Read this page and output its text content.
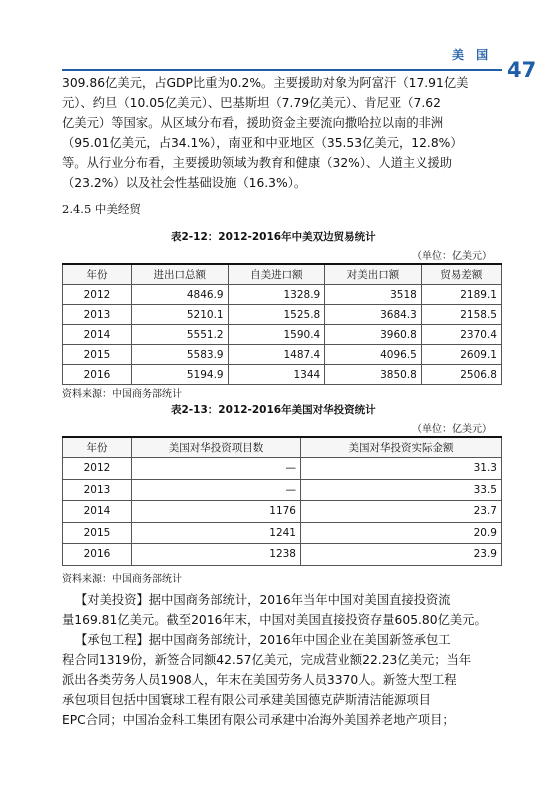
美 国
47
309.86亿美元，占GDP比重为0.2%。主要援助对象为阿富汗（17.91亿美
元）、约旦（10.05亿美元）、巴基斯坦（7.79亿美元）、肯尼亚（7.62
亿美元）等国家。从区域分布看，援助资金主要流向撒哈拉以南的非洲
（95.01亿美元，占34.1%），南亚和中亚地区（35.53亿美元，12.8%）
等。从行业分布看，主要援助领域为教育和健康（32%）、人道主义援助
（23.2%）以及社会性基础设施（16.3%）。
2.4.5 中美经贸
表2-12：2012-2016年中美双边贸易统计
（单位：亿美元）
年份	进出口总额	自美进口额	对美出口额	贸易差额
2012	4846.9	1328.9	3518	2189.1
2013	5210.1	1525.8	3684.3	2158.5
2014	5551.2	1590.4	3960.8	2370.4
2015	5583.9	1487.4	4096.5	2609.1
2016	5194.9	1344	3850.8	2506.8
资料来源：中国商务部统计
表2-13：2012-2016年美国对华投资统计
（单位：亿美元）
年份	美国对华投资项目数	美国对华投资实际金额
2012	—	31.3
2013	—	33.5
2014	1176	23.7
2015	1241	20.9
2016	1238	23.9
资料来源：中国商务部统计
【对美投资】据中国商务部统计，2016年当年中国对美国直接投资流
量169.81亿美元。截至2016年末，中国对美国直接投资存量605.80亿美元。
【承包工程】据中国商务部统计，2016年中国企业在美国新签承包工
程合同1319份，新签合同额42.57亿美元，完成营业额22.23亿美元；当年
派出各类劳务人员1908人，年末在美国劳务人员3370人。新签大型工程
承包项目包括中国寰球工程有限公司承建美国德克萨斯清洁能源项目
EPC合同；中国冶金科工集团有限公司承建中冶海外美国养老地产项目；
